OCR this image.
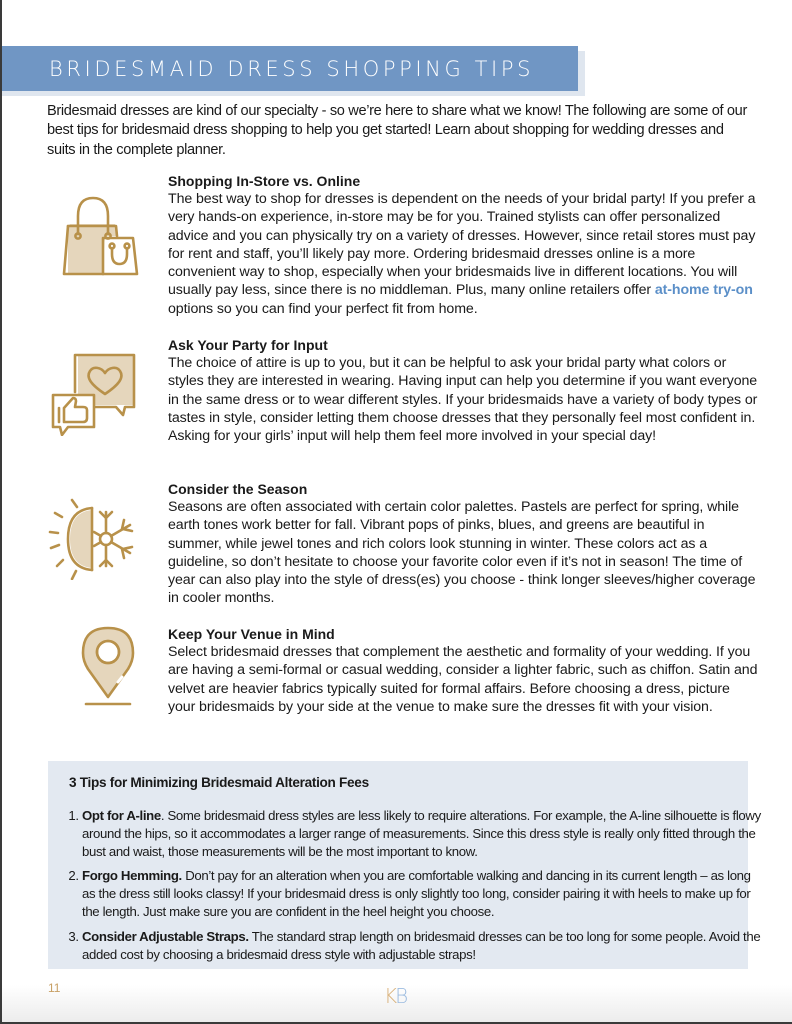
BRIDESMAID DRESS SHOPPING TIPS

Bridesmaid dresses are kind of our specialty - so we’re here to share what we know! The following are some of our best tips for bridesmaid dress shopping to help you get started! Learn about shopping for wedding dresses and suits in the complete planner.

Shopping In-Store vs. Online

The best way to shop for dresses is dependent on the needs of your bridal party! If you prefer a very hands-on experience, in-store may be for you. Trained stylists can offer personalized advice and you can physically try on a variety of dresses. However, since retail stores must pay for rent and staff, you’ll likely pay more. Ordering bridesmaid dresses online is a more convenient way to shop, especially when your bridesmaids live in different locations. You will usually pay less, since there is no middleman. Plus, many online retailers offer at-home try-on options so you can find your perfect fit from home.

Ask Your Party for Input

The choice of attire is up to you, but it can be helpful to ask your bridal party what colors or styles they are interested in wearing. Having input can help you determine if you want everyone in the same dress or to wear different styles. If your bridesmaids have a variety of body types or tastes in style, consider letting them choose dresses that they personally feel most confident in. Asking for your girls’ input will help them feel more involved in your special day!

Consider the Season

Seasons are often associated with certain color palettes. Pastels are perfect for spring, while earth tones work better for fall. Vibrant pops of pinks, blues, and greens are beautiful in summer, while jewel tones and rich colors look stunning in winter. These colors act as a guideline, so don’t hesitate to choose your favorite color even if it’s not in season! The time of year can also play into the style of dress(es) you choose - think longer sleeves/higher coverage in cooler months.

Keep Your Venue in Mind

Select bridesmaid dresses that complement the aesthetic and formality of your wedding. If you are having a semi-formal or casual wedding, consider a lighter fabric, such as chiffon. Satin and velvet are heavier fabrics typically suited for formal affairs. Before choosing a dress, picture your bridesmaids by your side at the venue to make sure the dresses fit with your vision.

3 Tips for Minimizing Bridesmaid Alteration Fees

1. Opt for A-line. Some bridesmaid dress styles are less likely to require alterations. For example, the A-line silhouette is flowy around the hips, so it accommodates a larger range of measurements. Since this dress style is really only fitted through the bust and waist, those measurements will be the most important to know.
2. Forgo Hemming. Don’t pay for an alteration when you are comfortable walking and dancing in its current length – as long as the dress still looks classy! If your bridesmaid dress is only slightly too long, consider pairing it with heels to make up for the length. Just make sure you are confident in the heel height you choose.
3. Consider Adjustable Straps. The standard strap length on bridesmaid dresses can be too long for some people. Avoid the added cost by choosing a bridesmaid dress style with adjustable straps!
11	KB
